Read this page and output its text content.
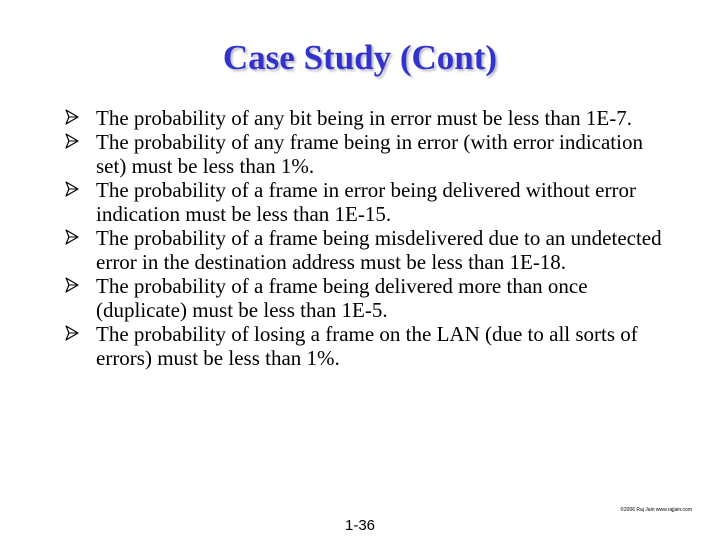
Case Study (Cont)
The probability of any bit being in error must be less than 1E-7.
The probability of any frame being in error (with error indication set) must be less than 1%.
The probability of a frame in error being delivered without error indication must be less than 1E-15.
The probability of a frame being misdelivered due to an undetected error in the destination address must be less than 1E-18.
The probability of a frame being delivered more than once (duplicate) must be less than 1E-5.
The probability of losing a frame on the LAN (due to all sorts of errors) must be less than 1%.
©2006 Raj Jain www.rajjain.com
1-36
